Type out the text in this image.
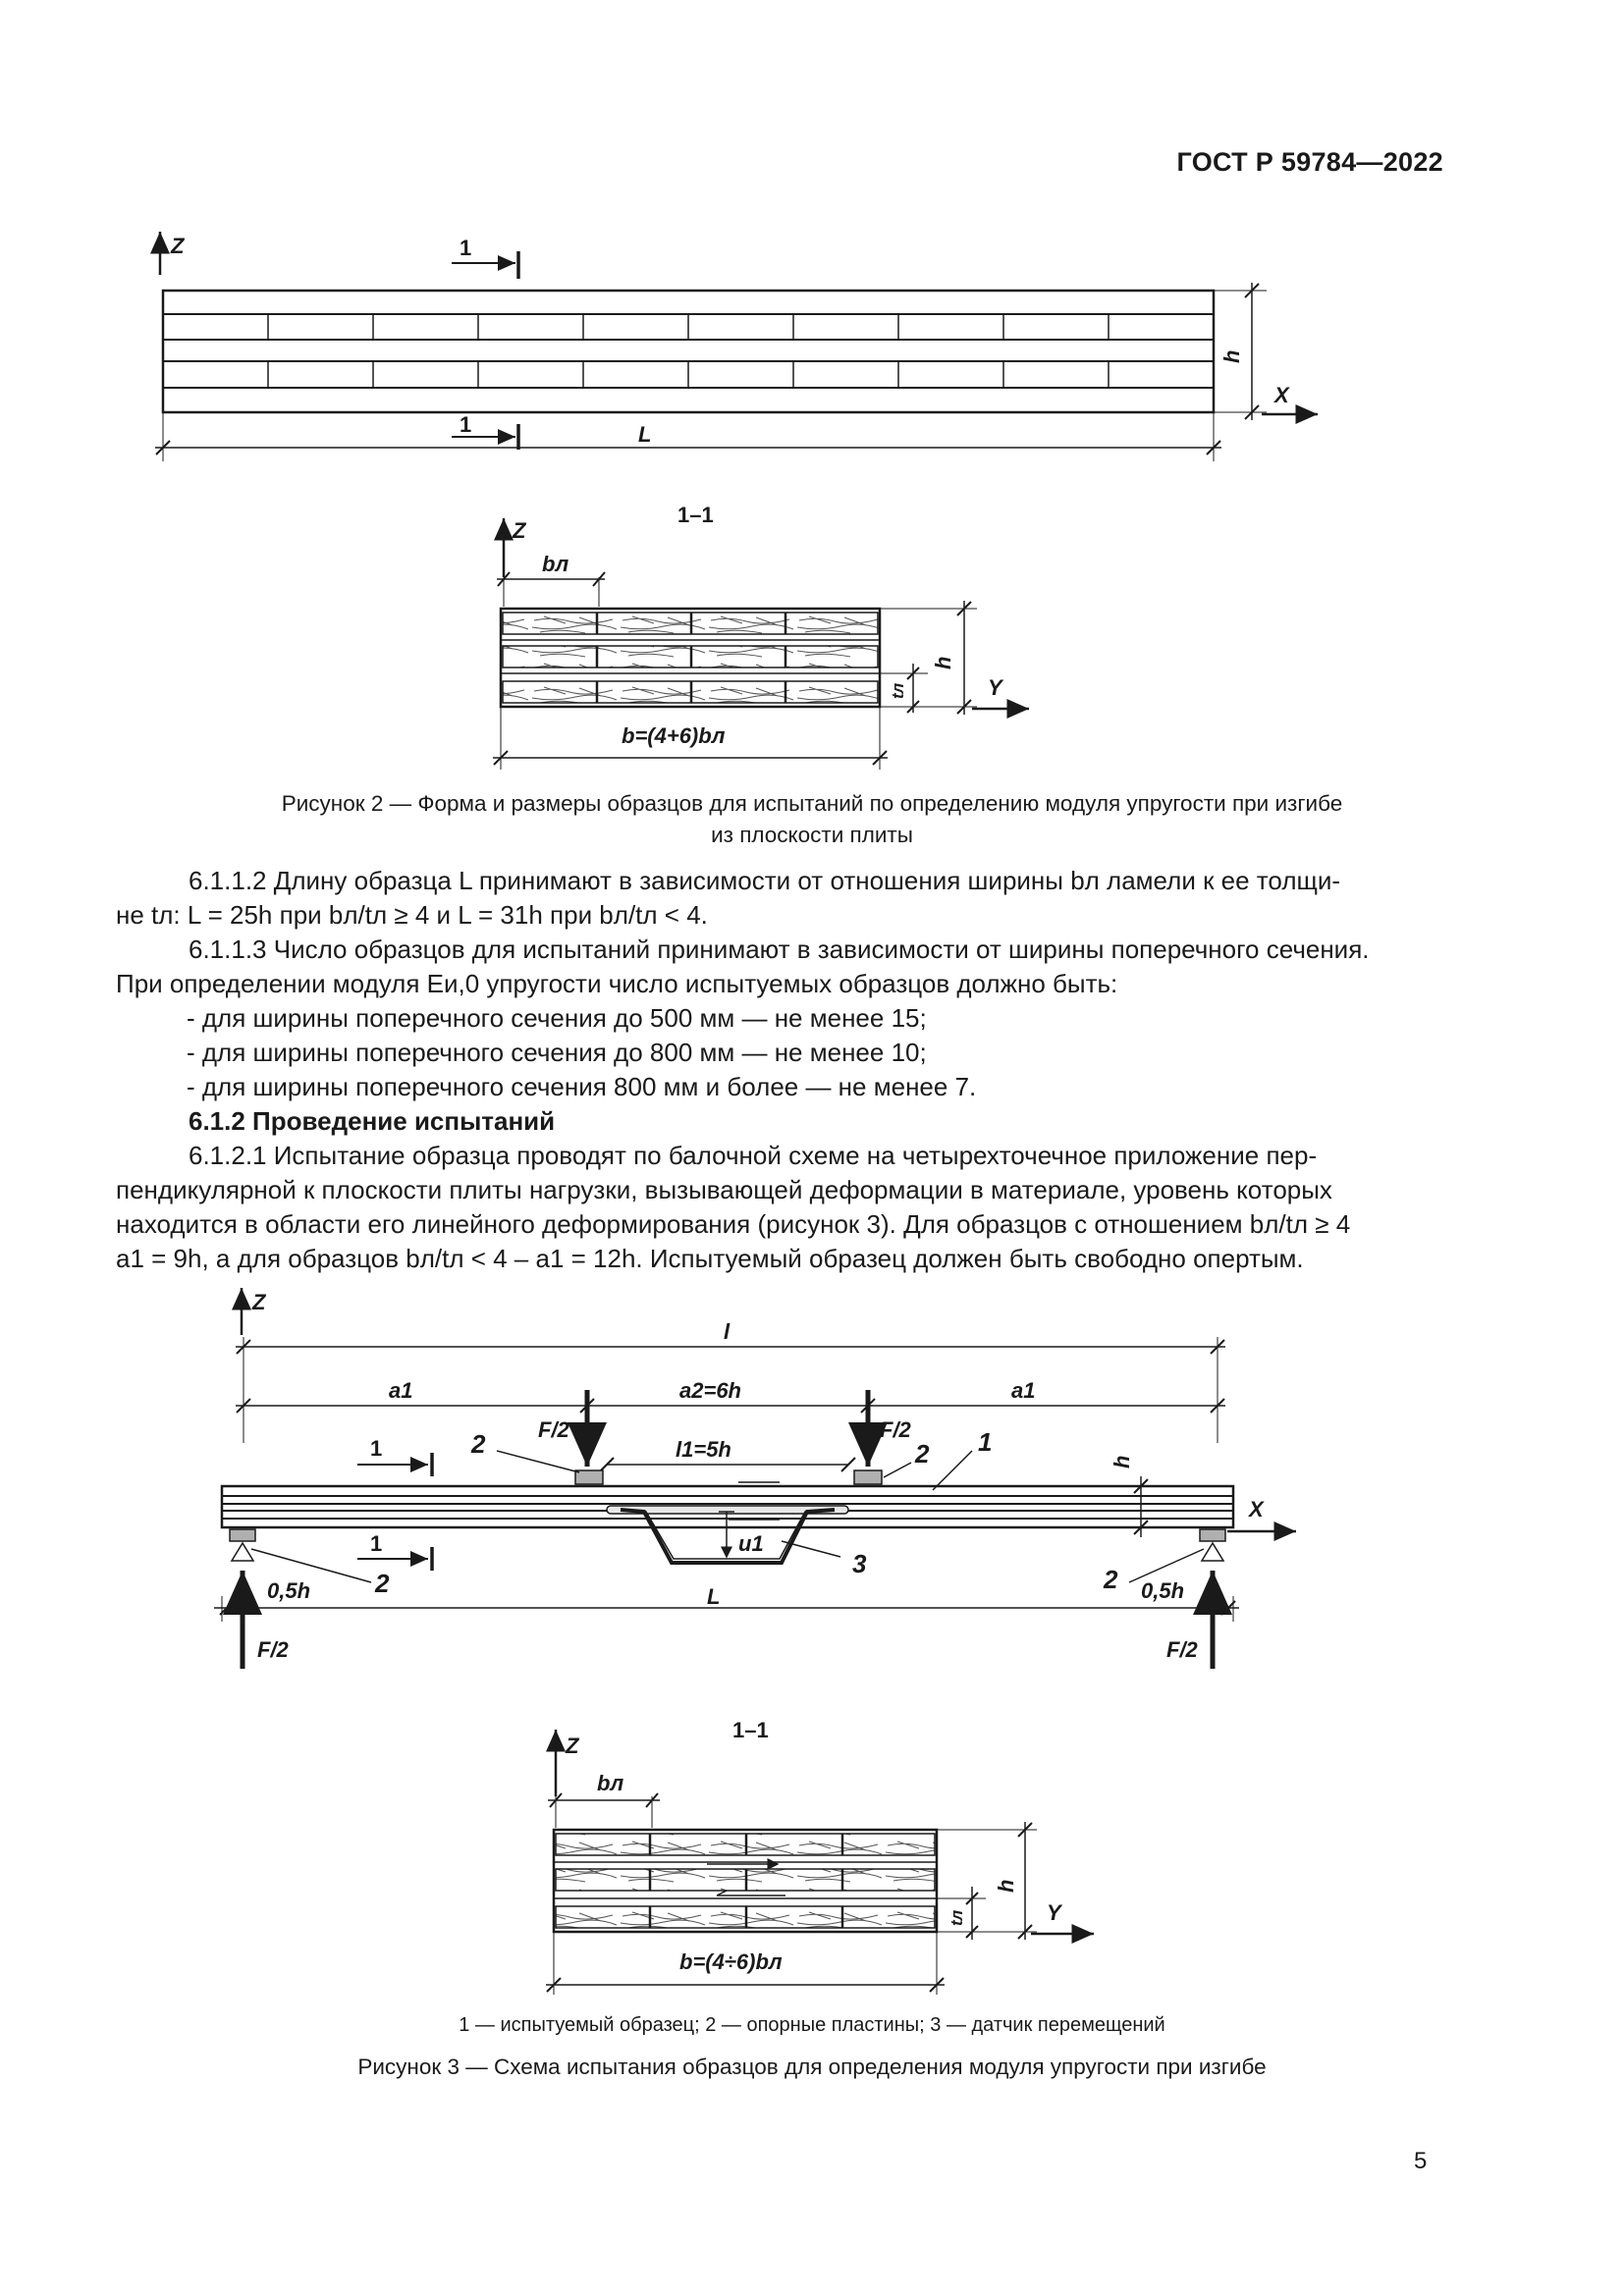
ГОСТ Р 59784—2022
Z	1
h
X
L
1
1–1
Z
bл
h
tл	Y
b=(4+6)bл
Рисунок 2 — Форма и размеры образцов для испытаний по определению модуля упругости при изгибе
из плоскости плиты

6.1.1.2 Длину образца L принимают в зависимости от отношения ширины bл ламели к ее толщи-

не tл: L = 25h при bл/tл ≥ 4 и L = 31h при bл/tл < 4.

6.1.1.3 Число образцов для испытаний принимают в зависимости от ширины поперечного сечения.

При определении модуля Eи,0 упругости число испытуемых образцов должно быть:

- для ширины поперечного сечения до 500 мм — не менее 15;

- для ширины поперечного сечения до 800 мм — не менее 10;

- для ширины поперечного сечения 800 мм и более — не менее 7.

6.1.2 Проведение испытаний

6.1.2.1 Испытание образца проводят по балочной схеме на четырехточечное приложение пер-

пендикулярной к плоскости плиты нагрузки, вызывающей деформации в материале, уровень которых

находится в области его линейного деформирования (рисунок 3). Для образцов с отношением bл/tл ≥ 4

a1 = 9h, а для образцов bл/tл < 4 – a1 = 12h. Испытуемый образец должен быть свободно опертым.

Z
l
a1	a2=6h	a1
F/2	F/2
l1=5h
1
1	u1
F/2	F/2
h
X
L
0,5h	0,5h
2	2 1
3
2	2
1–1
Z
bл
h
tл	Y
b=(4÷6)bл
1 — испытуемый образец; 2 — опорные пластины; 3 — датчик перемещений
Рисунок 3 — Схема испытания образцов для определения модуля упругости при изгибе
5
